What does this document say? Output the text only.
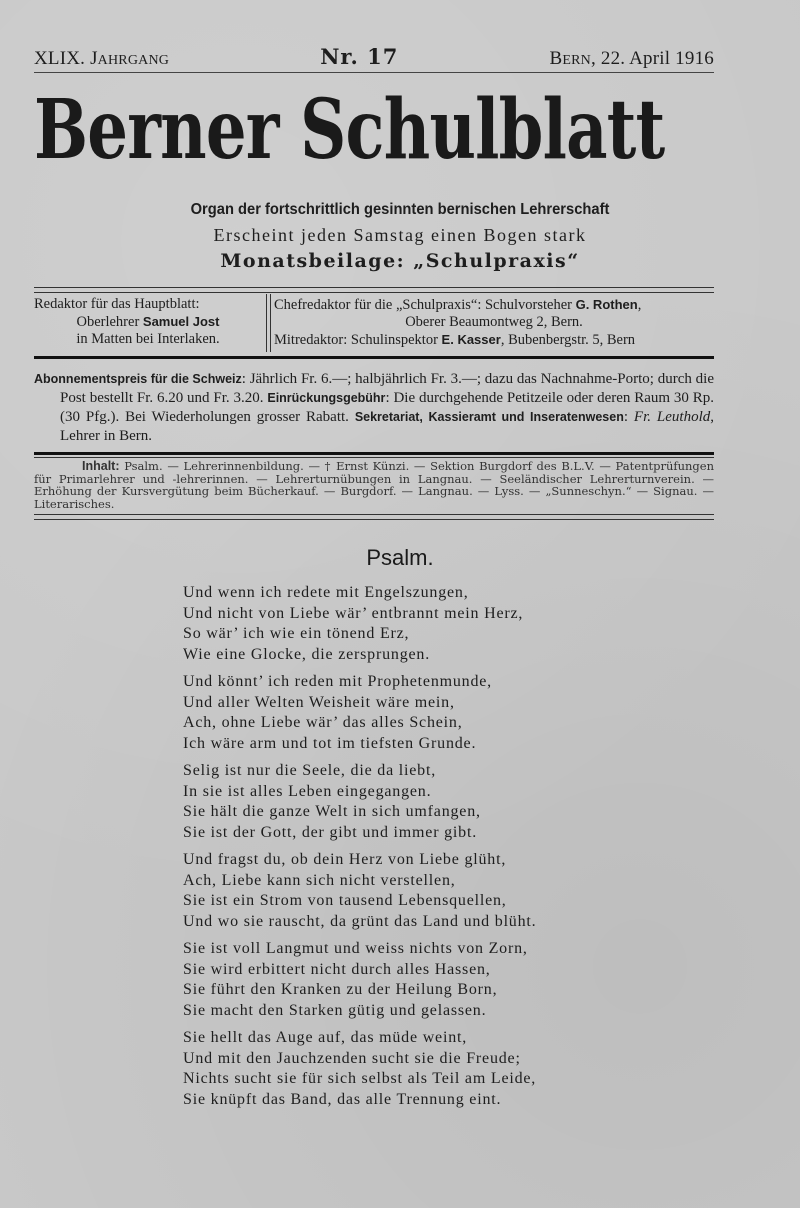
XLIX. JAHRGANG	Nr. 17	BERN, 22. April 1916
Berner Schulblatt
Organ der fortschrittlich gesinnten bernischen Lehrerschaft
Erscheint jeden Samstag einen Bogen stark
Monatsbeilage: „Schulpraxis“
Redaktor für das Hauptblatt:
Oberlehrer Samuel Jost
in Matten bei Interlaken.
Chefredaktor für die „Schulpraxis“: Schulvorsteher G. Rothen,
Oberer Beaumontweg 2, Bern.
Mitredaktor: Schulinspektor E. Kasser, Bubenbergstr. 5, Bern

Abonnementspreis für die Schweiz: Jährlich Fr. 6.—; halbjährlich Fr. 3.—; dazu das Nachnahme-Porto; durch die Post bestellt Fr. 6.20 und Fr. 3.20. Einrückungsgebühr: Die durchgehende Petitzeile oder deren Raum 30 Rp. (30 Pfg.). Bei Wiederholungen grosser Rabatt. Sekretariat, Kassieramt und Inseratenwesen: Fr. Leuthold, Lehrer in Bern.

Inhalt: Psalm. — Lehrerinnenbildung. — † Ernst Künzi. — Sektion Burgdorf des B.L.V. — Patentprüfungen für Primarlehrer und -lehrerinnen. — Lehrerturnübungen in Langnau. — Seeländischer Lehrerturnverein. — Erhöhung der Kursvergütung beim Bücherkauf. — Burgdorf. — Langnau. — Lyss. — „Sunneschyn.“ — Signau. — Literarisches.
Psalm.
Und wenn ich redete mit Engelszungen,
Und nicht von Liebe wär’ entbrannt mein Herz,
So wär’ ich wie ein tönend Erz,
Wie eine Glocke, die zersprungen.
Und könnt’ ich reden mit Prophetenmunde,
Und aller Welten Weisheit wäre mein,
Ach, ohne Liebe wär’ das alles Schein,
Ich wäre arm und tot im tiefsten Grunde.
Selig ist nur die Seele, die da liebt,
In sie ist alles Leben eingegangen.
Sie hält die ganze Welt in sich umfangen,
Sie ist der Gott, der gibt und immer gibt.
Und fragst du, ob dein Herz von Liebe glüht,
Ach, Liebe kann sich nicht verstellen,
Sie ist ein Strom von tausend Lebensquellen,
Und wo sie rauscht, da grünt das Land und blüht.
Sie ist voll Langmut und weiss nichts von Zorn,
Sie wird erbittert nicht durch alles Hassen,
Sie führt den Kranken zu der Heilung Born,
Sie macht den Starken gütig und gelassen.
Sie hellt das Auge auf, das müde weint,
Und mit den Jauchzenden sucht sie die Freude;
Nichts sucht sie für sich selbst als Teil am Leide,
Sie knüpft das Band, das alle Trennung eint.
